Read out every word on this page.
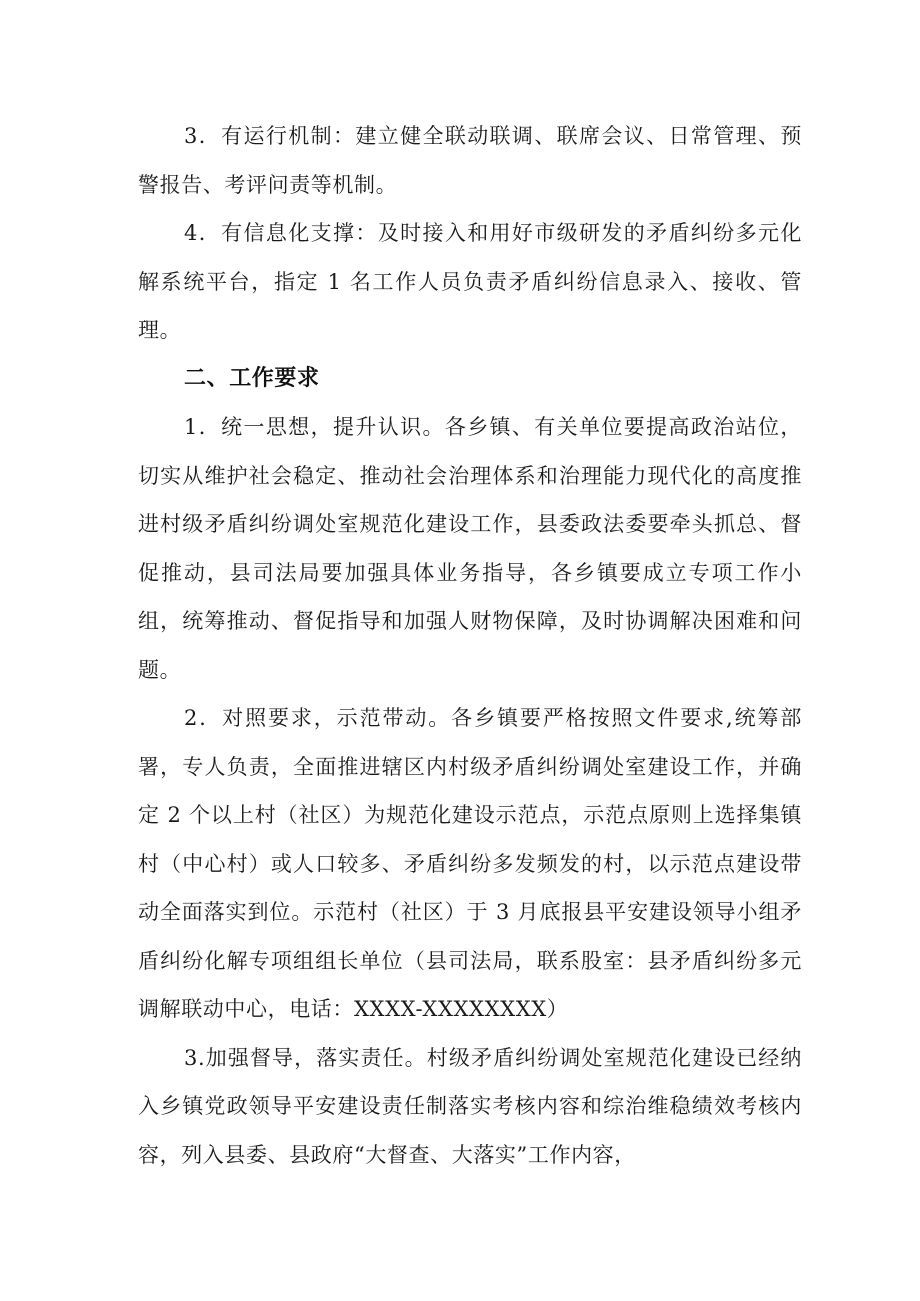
3．有运行机制：建立健全联动联调、联席会议、日常管理、预警报告、考评问责等机制。

4．有信息化支撑：及时接入和用好市级研发的矛盾纠纷多元化解系统平台，指定 1 名工作人员负责矛盾纠纷信息录入、接收、管理。

二、工作要求

1．统一思想，提升认识。各乡镇、有关单位要提高政治站位，切实从维护社会稳定、推动社会治理体系和治理能力现代化的高度推进村级矛盾纠纷调处室规范化建设工作，县委政法委要牵头抓总、督促推动，县司法局要加强具体业务指导，各乡镇要成立专项工作小组，统筹推动、督促指导和加强人财物保障，及时协调解决困难和问题。

2．对照要求，示范带动。各乡镇要严格按照文件要求,统筹部署，专人负责，全面推进辖区内村级矛盾纠纷调处室建设工作，并确定 2 个以上村（社区）为规范化建设示范点，示范点原则上选择集镇村（中心村）或人口较多、矛盾纠纷多发频发的村，以示范点建设带动全面落实到位。示范村（社区）于 3 月底报县平安建设领导小组矛盾纠纷化解专项组组长单位（县司法局，联系股室：县矛盾纠纷多元调解联动中心，电话：XXXX-XXXXXXXX）

3.加强督导，落实责任。村级矛盾纠纷调处室规范化建设已经纳入乡镇党政领导平安建设责任制落实考核内容和综治维稳绩效考核内容，列入县委、县政府“大督查、大落实”工作内容，
